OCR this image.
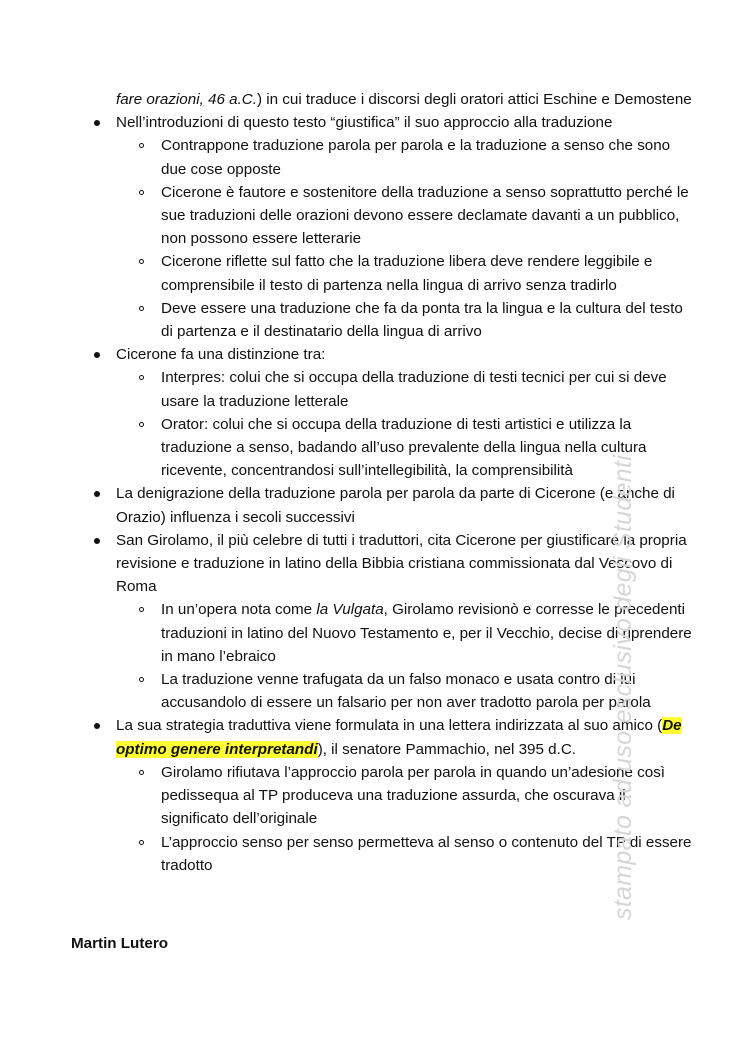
fare orazioni, 46 a.C.) in cui traduce i discorsi degli oratori attici Eschine e Demostene
Nell’introduzioni di questo testo “giustifica” il suo approccio alla traduzione
Contrappone traduzione parola per parola e la traduzione a senso che sono due cose opposte
Cicerone è fautore e sostenitore della traduzione a senso soprattutto perché le sue traduzioni delle orazioni devono essere declamate davanti a un pubblico, non possono essere letterarie
Cicerone riflette sul fatto che la traduzione libera deve rendere leggibile e comprensibile il testo di partenza nella lingua di arrivo senza tradirlo
Deve essere una traduzione che fa da ponta tra la lingua e la cultura del testo di partenza e il destinatario della lingua di arrivo
Cicerone fa una distinzione tra:
Interpres: colui che si occupa della traduzione di testi tecnici per cui si deve usare la traduzione letterale
Orator: colui che si occupa della traduzione di testi artistici e utilizza la traduzione a senso, badando all’uso prevalente della lingua nella cultura ricevente, concentrandosi sull’intellegibilità, la comprensibilità
La denigrazione della traduzione parola per parola da parte di Cicerone (e anche di Orazio) influenza i secoli successivi
San Girolamo, il più celebre di tutti i traduttori, cita Cicerone per giustificare la propria revisione e traduzione in latino della Bibbia cristiana commissionata dal Vescovo di Roma
In un’opera nota come la Vulgata, Girolamo revisionò e corresse le precedenti traduzioni in latino del Nuovo Testamento e, per il Vecchio, decise di riprendere in mano l’ebraico
La traduzione venne trafugata da un falso monaco e usata contro di lui accusandolo di essere un falsario per non aver tradotto parola per parola
La sua strategia traduttiva viene formulata in una lettera indirizzata al suo amico (De optimo genere interpretandi), il senatore Pammachio, nel 395 d.C.
Girolamo rifiutava l’approccio parola per parola in quando un’adesione così pedissequa al TP produceva una traduzione assurda, che oscurava il significato dell’originale
L’approccio senso per senso permetteva al senso o contenuto del TP di essere tradotto
Martin Lutero
stampato ad uso esclusivo degli Studenti
